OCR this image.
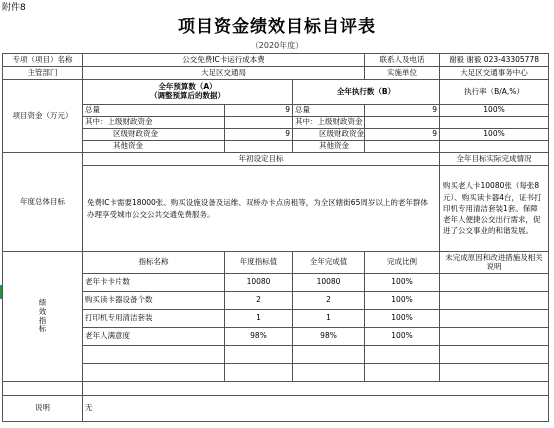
附件8
项目资金绩效目标自评表
（2020年度）
专项（项目）名称	公交免费IC卡运行成本费			联系人及电话	谢毅 谢毅 023-43305778
主管部门	大足区交通局			实施单位	大足区交通事务中心
项目资金（万元）	全年预算数（A）
（调整预算后的数据）		全年执行数（B）		执行率（B/A,%）
	总量	9	总量	9	100%
	其中：上级财政资金		其中：上级财政资金		
	区级财政资金	9	区级财政资金	9	100%
	其他资金		其他资金		
年度总体目标	年初设定目标				全年目标实际完成情况
	免费IC卡需要18000张、购买设施设备及运维、双桥办卡点房租等，为全区辖街65周岁以上的老年群体办理享受城市公交公共交通免费服务。				购买老人卡10080张（每张8元）、购买读卡器4台，证书打印机专用清洁套装1套。保障老年人便捷公交出行需求，促进了公交事业的和谐发展。

绩
效
指
标	指标名称	年度指标值	全年完成值	完成比例	未完成原因和改进措施及相关说明
	老年卡卡片数	10080	10080	100%	
	购买读卡器设备个数	2	2	100%	
	打印机专用清洁套装	1	1	100%	
	老年人满意度	98%	98%	100%	

说明	无				
